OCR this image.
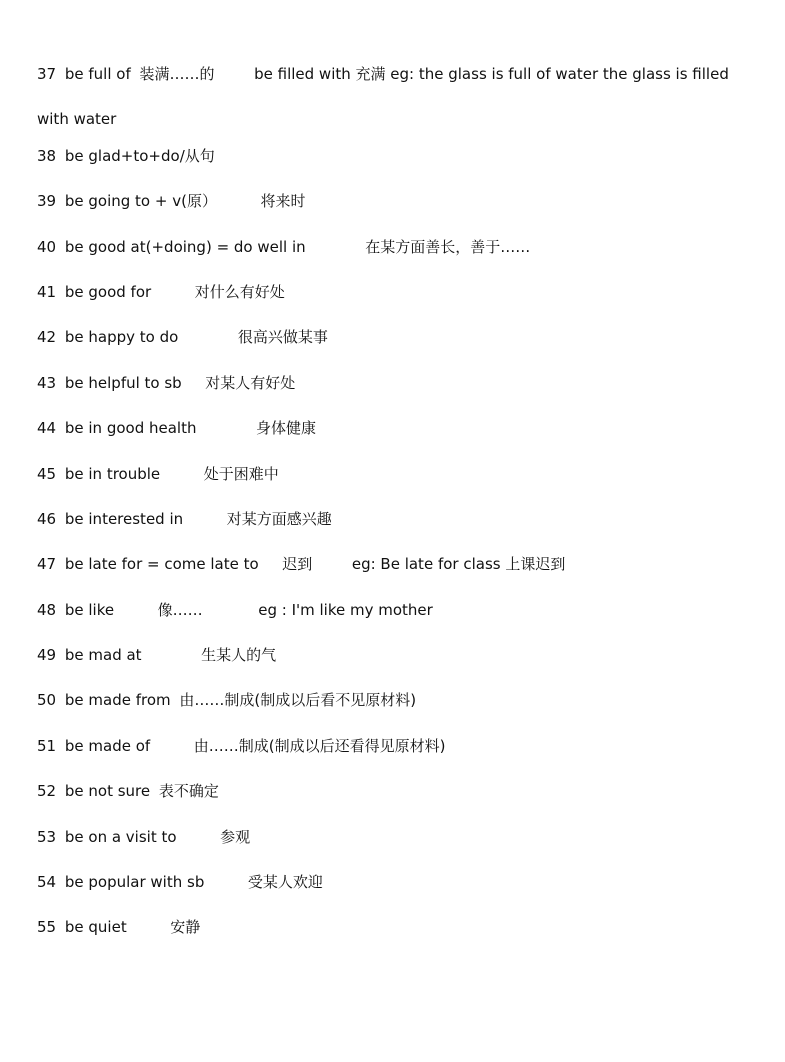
37 be full of 装满……的	be filled with 充满 eg: the glass is full of water the glass is filled with water
38 be glad+to+do/从句
39 be going to + v(原）	将来时
40 be good at(+doing) = do well in	在某方面善长，善于……
41 be good for	对什么有好处
42 be happy to do	很高兴做某事
43 be helpful to sb 对某人有好处
44 be in good health	身体健康
45 be in trouble	处于困难中
46 be interested in	对某方面感兴趣
47 be late for = come late to 迟到	eg: Be late for class 上课迟到
48 be like	像……	eg : I'm like my mother
49 be mad at	生某人的气
50 be made from 由……制成(制成以后看不见原材料)
51 be made of	由……制成(制成以后还看得见原材料)
52 be not sure 表不确定
53 be on a visit to	参观
54 be popular with sb	受某人欢迎
55 be quiet	安静
